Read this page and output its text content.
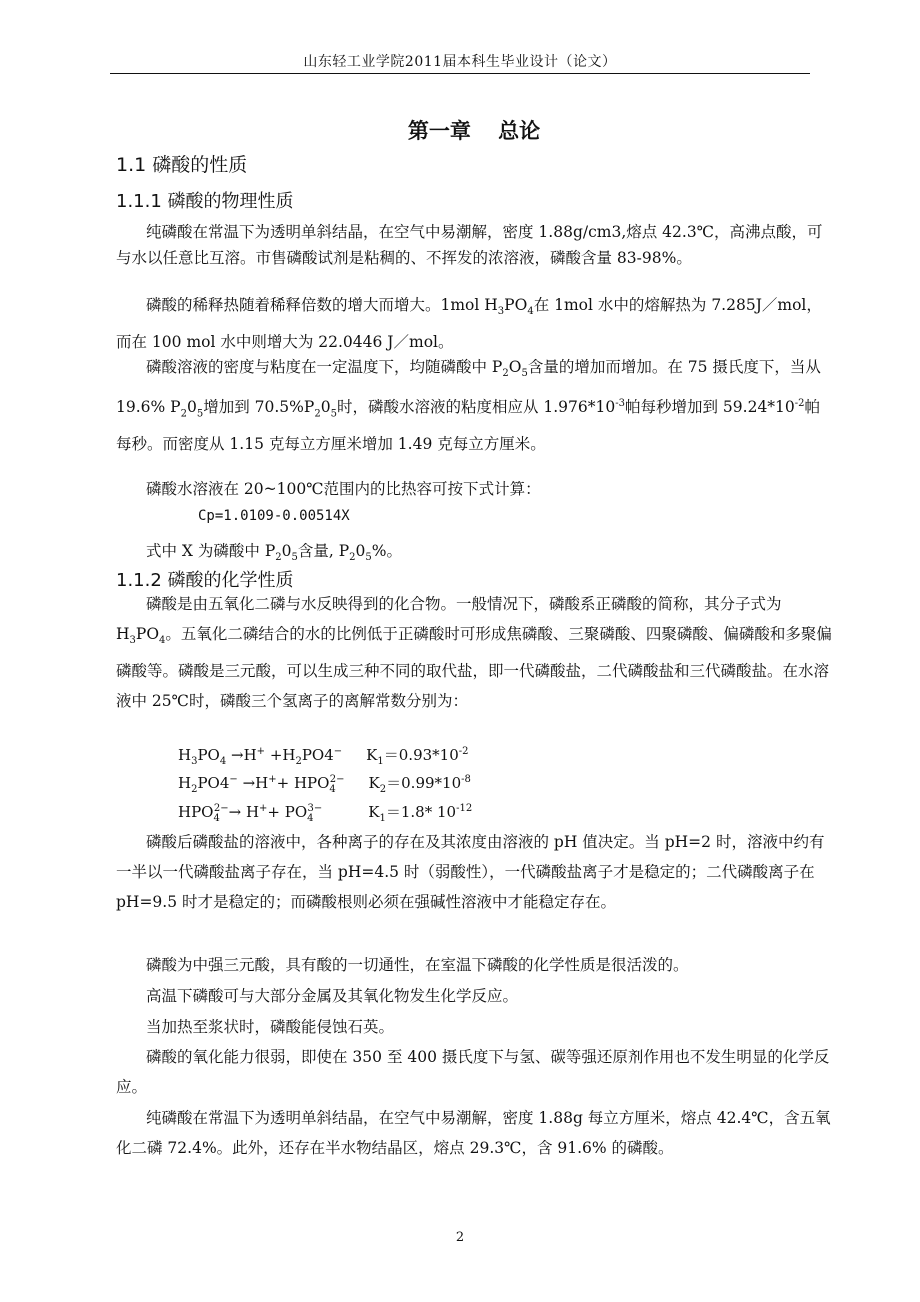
山东轻工业学院2011届本科生毕业设计（论文）
第一章 总论
1.1 磷酸的性质
1.1.1 磷酸的物理性质

纯磷酸在常温下为透明单斜结晶，在空气中易潮解，密度 1.88g/cm3,熔点 42.3℃，高沸点酸，可与水以任意比互溶。市售磷酸试剂是粘稠的、不挥发的浓溶液，磷酸含量 83-98%。

磷酸的稀释热随着稀释倍数的增大而增大。1mol $H_3PO_4$在 1mol 水中的熔解热为 7.285J／mol，而在 100 mol 水中则增大为 22.0446 J／mol。

磷酸溶液的密度与粘度在一定温度下，均随磷酸中 $P_2O_5$含量的增加而增加。在 75 摄氏度下，当从 19.6% $P_20_5$增加到 $70.5\%P_20_5$时，磷酸水溶液的粘度相应从 $1.976*10^{-3}$帕每秒增加到 $59.24*10^{-2}$帕每秒。而密度从 1.15 克每立方厘米增加 1.49 克每立方厘米。

磷酸水溶液在 20~100℃范围内的比热容可按下式计算：

Cp=1.0109-0.00514X

式中 X 为磷酸中 $P_20_5$含量, $P_20_5\%$。

1.1.2 磷酸的化学性质

磷酸是由五氧化二磷与水反映得到的化合物。一般情况下，磷酸系正磷酸的简称，其分子式为 $H_3PO_4$。五氧化二磷结合的水的比例低于正磷酸时可形成焦磷酸、三聚磷酸、四聚磷酸、偏磷酸和多聚偏磷酸等。磷酸是三元酸，可以生成三种不同的取代盐，即一代磷酸盐，二代磷酸盐和三代磷酸盐。在水溶液中 25℃时，磷酸三个氢离子的离解常数分别为：

$H_3PO_4 \to H^+ +H_2PO4^-$ $K_1=0.93*10^{-2}$
$H_2PO4^- \to H^++ HPO_4^{2-}$ $K_2=0.99*10^{-8}$
$HPO_4^{2-}\to H^++ PO_4^{3-}$	$K_1=1.8*$ $10^{-12}$

磷酸后磷酸盐的溶液中，各种离子的存在及其浓度由溶液的 pH 值决定。当 pH=2 时，溶液中约有一半以一代磷酸盐离子存在，当 pH=4.5 时（弱酸性），一代磷酸盐离子才是稳定的；二代磷酸离子在 pH=9.5 时才是稳定的；而磷酸根则必须在强碱性溶液中才能稳定存在。

磷酸为中强三元酸，具有酸的一切通性，在室温下磷酸的化学性质是很活泼的。

高温下磷酸可与大部分金属及其氧化物发生化学反应。

当加热至浆状时，磷酸能侵蚀石英。

磷酸的氧化能力很弱，即使在 350 至 400 摄氏度下与氢、碳等强还原剂作用也不发生明显的化学反应。

纯磷酸在常温下为透明单斜结晶，在空气中易潮解，密度 1.88g 每立方厘米，熔点 42.4℃，含五氧化二磷 72.4%。此外，还存在半水物结晶区，熔点 29.3℃，含 91.6% 的磷酸。

2
